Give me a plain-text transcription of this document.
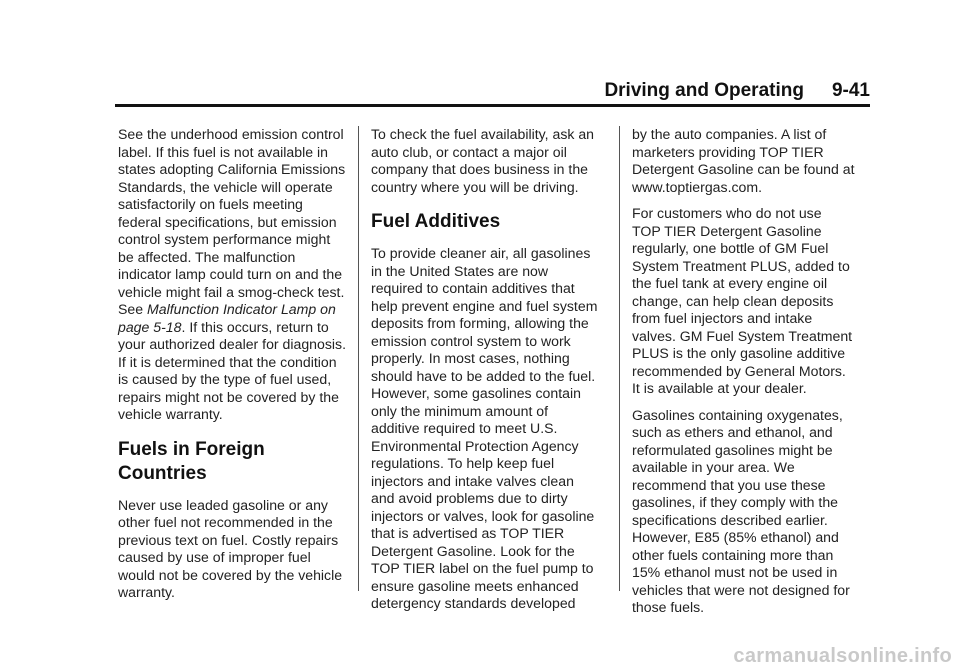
Driving and Operating 9-41

See the underhood emission control
label. If this fuel is not available in
states adopting California Emissions
Standards, the vehicle will operate
satisfactorily on fuels meeting
federal specifications, but emission
control system performance might
be affected. The malfunction
indicator lamp could turn on and the
vehicle might fail a smog-check test.
See Malfunction Indicator Lamp on
page 5-18. If this occurs, return to
your authorized dealer for diagnosis.
If it is determined that the condition
is caused by the type of fuel used,
repairs might not be covered by the
vehicle warranty.

Fuels in Foreign
Countries

Never use leaded gasoline or any
other fuel not recommended in the
previous text on fuel. Costly repairs
caused by use of improper fuel
would not be covered by the vehicle
warranty.

To check the fuel availability, ask an
auto club, or contact a major oil
company that does business in the
country where you will be driving.

Fuel Additives

To provide cleaner air, all gasolines
in the United States are now
required to contain additives that
help prevent engine and fuel system
deposits from forming, allowing the
emission control system to work
properly. In most cases, nothing
should have to be added to the fuel.
However, some gasolines contain
only the minimum amount of
additive required to meet U.S.
Environmental Protection Agency
regulations. To help keep fuel
injectors and intake valves clean
and avoid problems due to dirty
injectors or valves, look for gasoline
that is advertised as TOP TIER
Detergent Gasoline. Look for the
TOP TIER label on the fuel pump to
ensure gasoline meets enhanced
detergency standards developed

by the auto companies. A list of
marketers providing TOP TIER
Detergent Gasoline can be found at
www.toptiergas.com.

For customers who do not use
TOP TIER Detergent Gasoline
regularly, one bottle of GM Fuel
System Treatment PLUS, added to
the fuel tank at every engine oil
change, can help clean deposits
from fuel injectors and intake
valves. GM Fuel System Treatment
PLUS is the only gasoline additive
recommended by General Motors.
It is available at your dealer.

Gasolines containing oxygenates,
such as ethers and ethanol, and
reformulated gasolines might be
available in your area. We
recommend that you use these
gasolines, if they comply with the
specifications described earlier.
However, E85 (85% ethanol) and
other fuels containing more than
15% ethanol must not be used in
vehicles that were not designed for
those fuels.

carmanualsonline.info
